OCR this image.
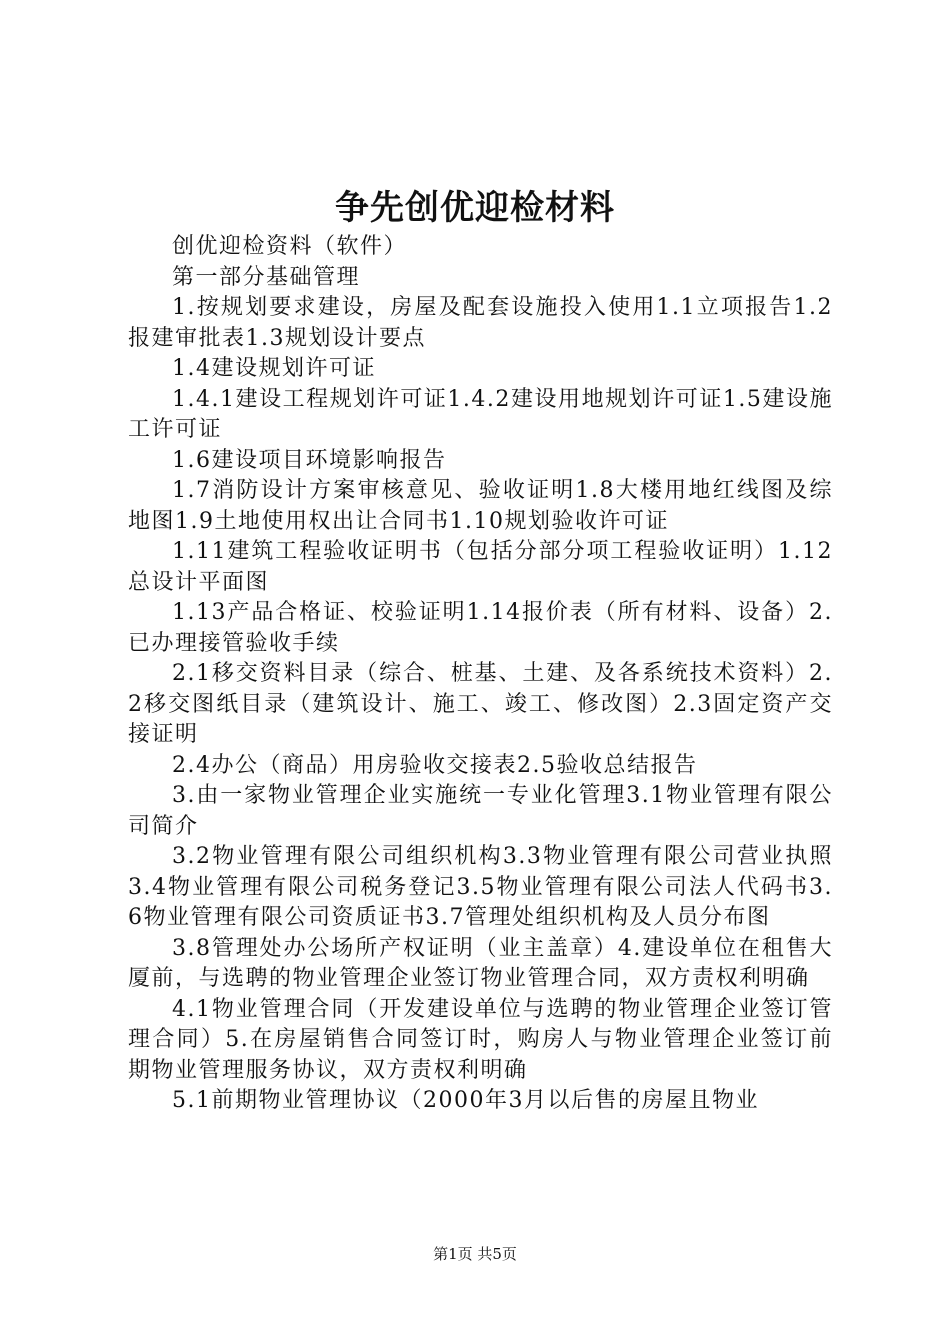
争先创优迎检材料

创优迎检资料（软件）

第一部分基础管理

1.按规划要求建设，房屋及配套设施投入使用1.1立项报告1.2报建审批表1.3规划设计要点

1.4建设规划许可证

1.4.1建设工程规划许可证1.4.2建设用地规划许可证1.5建设施工许可证

1.6建设项目环境影响报告

1.7消防设计方案审核意见、验收证明1.8大楼用地红线图及综地图1.9土地使用权出让合同书1.10规划验收许可证

1.11建筑工程验收证明书（包括分部分项工程验收证明）1.12总设计平面图

1.13产品合格证、校验证明1.14报价表（所有材料、设备）2.已办理接管验收手续

2.1移交资料目录（综合、桩基、土建、及各系统技术资料）2.2移交图纸目录（建筑设计、施工、竣工、修改图）2.3固定资产交接证明

2.4办公（商品）用房验收交接表2.5验收总结报告

3.由一家物业管理企业实施统一专业化管理3.1物业管理有限公司简介

3.2物业管理有限公司组织机构3.3物业管理有限公司营业执照3.4物业管理有限公司税务登记3.5物业管理有限公司法人代码书3.6物业管理有限公司资质证书3.7管理处组织机构及人员分布图

3.8管理处办公场所产权证明（业主盖章）4.建设单位在租售大厦前，与选聘的物业管理企业签订物业管理合同，双方责权利明确

4.1物业管理合同（开发建设单位与选聘的物业管理企业签订管理合同）5.在房屋销售合同签订时，购房人与物业管理企业签订前期物业管理服务协议，双方责权利明确

5.1前期物业管理协议（2000年3月以后售的房屋且物业

第1页 共5页
